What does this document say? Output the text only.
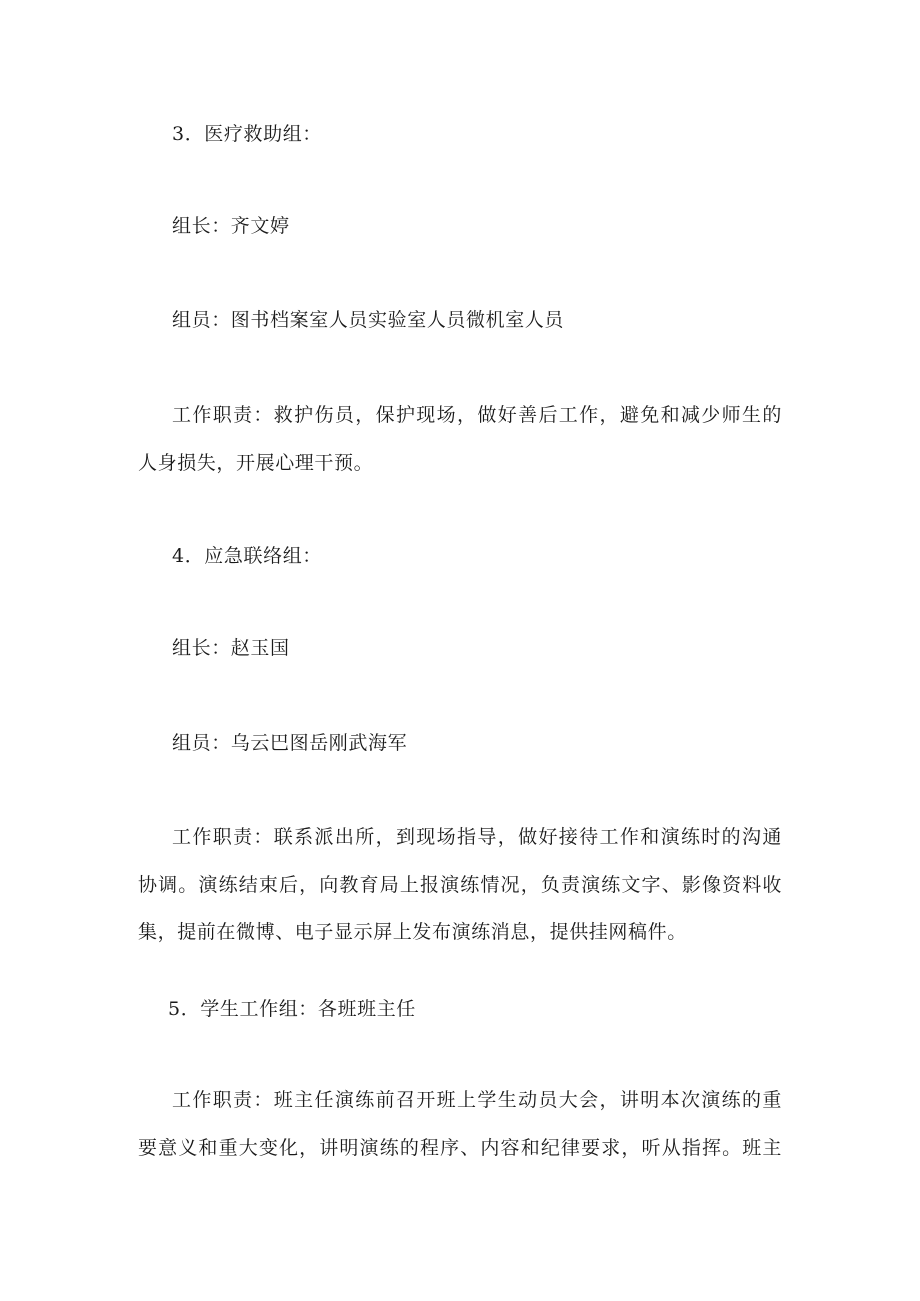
3．医疗救助组：
组长：齐文婷
组员：图书档案室人员实验室人员微机室人员
工作职责：救护伤员，保护现场，做好善后工作，避免和减少师生的
人身损失，开展心理干预。
4．应急联络组：
组长：赵玉国
组员：乌云巴图岳刚武海军
工作职责：联系派出所，到现场指导，做好接待工作和演练时的沟通
协调。演练结束后，向教育局上报演练情况，负责演练文字、影像资料收
集，提前在微博、电子显示屏上发布演练消息，提供挂网稿件。
5．学生工作组：各班班主任
工作职责：班主任演练前召开班上学生动员大会，讲明本次演练的重
要意义和重大变化，讲明演练的程序、内容和纪律要求，听从指挥。班主
